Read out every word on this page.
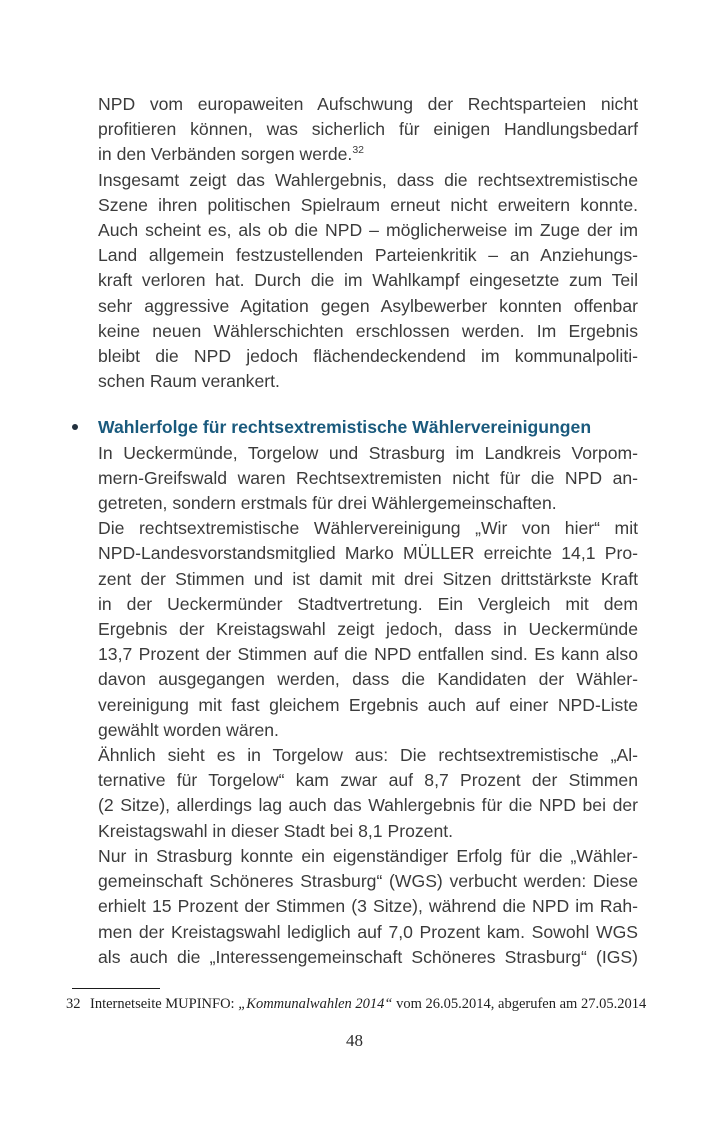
NPD vom europaweiten Aufschwung der Rechtsparteien nicht
profitieren können, was sicherlich für einigen Handlungsbedarf
in den Verbänden sorgen werde.$^{32}$
Insgesamt zeigt das Wahlergebnis, dass die rechtsextremistische
Szene ihren politischen Spielraum erneut nicht erweitern konnte.
Auch scheint es, als ob die NPD – möglicherweise im Zuge der im
Land allgemein festzustellenden Parteienkritik – an Anziehungs-
kraft verloren hat. Durch die im Wahlkampf eingesetzte zum Teil
sehr aggressive Agitation gegen Asylbewerber konnten offenbar
keine neuen Wählerschichten erschlossen werden. Im Ergebnis
bleibt die NPD jedoch flächendeckendend im kommunalpoliti-
schen Raum verankert.
Wahlerfolge für rechtsextremistische Wählervereinigungen
In Ueckermünde, Torgelow und Strasburg im Landkreis Vorpom-
mern-Greifswald waren Rechtsextremisten nicht für die NPD an-
getreten, sondern erstmals für drei Wählergemeinschaften.
Die rechtsextremistische Wählervereinigung „Wir von hier“ mit
NPD-Landesvorstandsmitglied Marko MÜLLER erreichte 14,1 Pro-
zent der Stimmen und ist damit mit drei Sitzen drittstärkste Kraft
in der Ueckermünder Stadtvertretung. Ein Vergleich mit dem
Ergebnis der Kreistagswahl zeigt jedoch, dass in Ueckermünde
13,7 Prozent der Stimmen auf die NPD entfallen sind. Es kann also
davon ausgegangen werden, dass die Kandidaten der Wähler-
vereinigung mit fast gleichem Ergebnis auch auf einer NPD-Liste
gewählt worden wären.
Ähnlich sieht es in Torgelow aus: Die rechtsextremistische „Al-
ternative für Torgelow“ kam zwar auf 8,7 Prozent der Stimmen
(2 Sitze), allerdings lag auch das Wahlergebnis für die NPD bei der
Kreistagswahl in dieser Stadt bei 8,1 Prozent.
Nur in Strasburg konnte ein eigenständiger Erfolg für die „Wähler-
gemeinschaft Schöneres Strasburg“ (WGS) verbucht werden: Diese
erhielt 15 Prozent der Stimmen (3 Sitze), während die NPD im Rah-
men der Kreistagswahl lediglich auf 7,0 Prozent kam. Sowohl WGS
als auch die „Interessengemeinschaft Schöneres Strasburg“ (IGS)
32 Internetseite MUPINFO: „Kommunalwahlen 2014“ vom 26.05.2014, abgerufen am 27.05.2014
48
